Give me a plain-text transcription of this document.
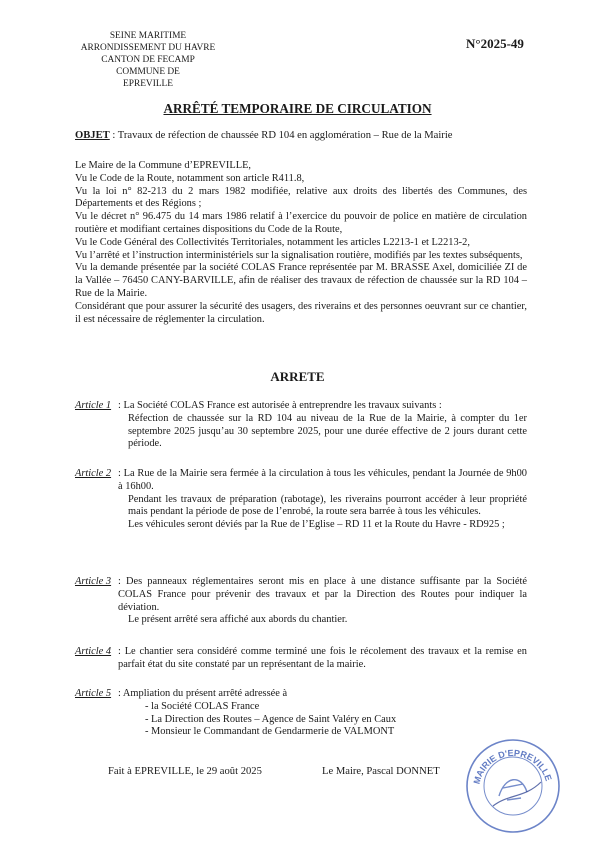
SEINE MARITIME
ARRONDISSEMENT DU HAVRE
CANTON DE FECAMP
COMMUNE DE
EPREVILLE
N°2025-49
ARRÊTÉ TEMPORAIRE DE CIRCULATION
OBJET : Travaux de réfection de chaussée RD 104 en agglomération – Rue de la Mairie

Le Maire de la Commune d’EPREVILLE,

Vu le Code de la Route, notamment son article R411.8,

Vu la loi n° 82-213 du 2 mars 1982 modifiée, relative aux droits des libertés des Communes, des Départements et des Régions ;

Vu le décret n° 96.475 du 14 mars 1986 relatif à l’exercice du pouvoir de police en matière de circulation routière et modifiant certaines dispositions du Code de la Route,

Vu le Code Général des Collectivités Territoriales, notamment les articles L2213-1 et L2213-2,

Vu l’arrêté et l’instruction interministériels sur la signalisation routière, modifiés par les textes subséquents,

Vu la demande présentée par la société COLAS France représentée par M. BRASSE Axel, domiciliée ZI de la Vallée – 76450 CANY-BARVILLE, afin de réaliser des travaux de réfection de chaussée sur la RD 104 – Rue de la Mairie.

Considérant que pour assurer la sécurité des usagers, des riverains et des personnes oeuvrant sur ce chantier, il est nécessaire de réglementer la circulation.

ARRETE
Article 1 : La Société COLAS France est autorisée à entreprendre les travaux suivants :

Réfection de chaussée sur la RD 104 au niveau de la Rue de la Mairie, à compter du 1er septembre 2025 jusqu’au 30 septembre 2025, pour une durée effective de 2 jours durant cette période.

Article 2 : La Rue de la Mairie sera fermée à la circulation à tous les véhicules, pendant la Journée de 9h00 à 16h00.

Pendant les travaux de préparation (rabotage), les riverains pourront accéder à leur propriété mais pendant la période de pose de l’enrobé, la route sera barrée à tous les véhicules.

Les véhicules seront déviés par la Rue de l’Eglise – RD 11 et la Route du Havre - RD925 ;

Article 3 : Des panneaux réglementaires seront mis en place à une distance suffisante par la Société COLAS France pour prévenir des travaux et par la Direction des Routes pour indiquer la déviation.

Le présent arrêté sera affiché aux abords du chantier.

Article 4 : Le chantier sera considéré comme terminé une fois le récolement des travaux et la remise en parfait état du site constaté par un représentant de la mairie.

Article 5 : Ampliation du présent arrêté adressée à

- la Société COLAS France
- La Direction des Routes – Agence de Saint Valéry en Caux
- Monsieur le Commandant de Gendarmerie de VALMONT
Fait à EPREVILLE, le 29 août 2025	Le Maire, Pascal DONNET
MAIRIE D'EPREVILLE
